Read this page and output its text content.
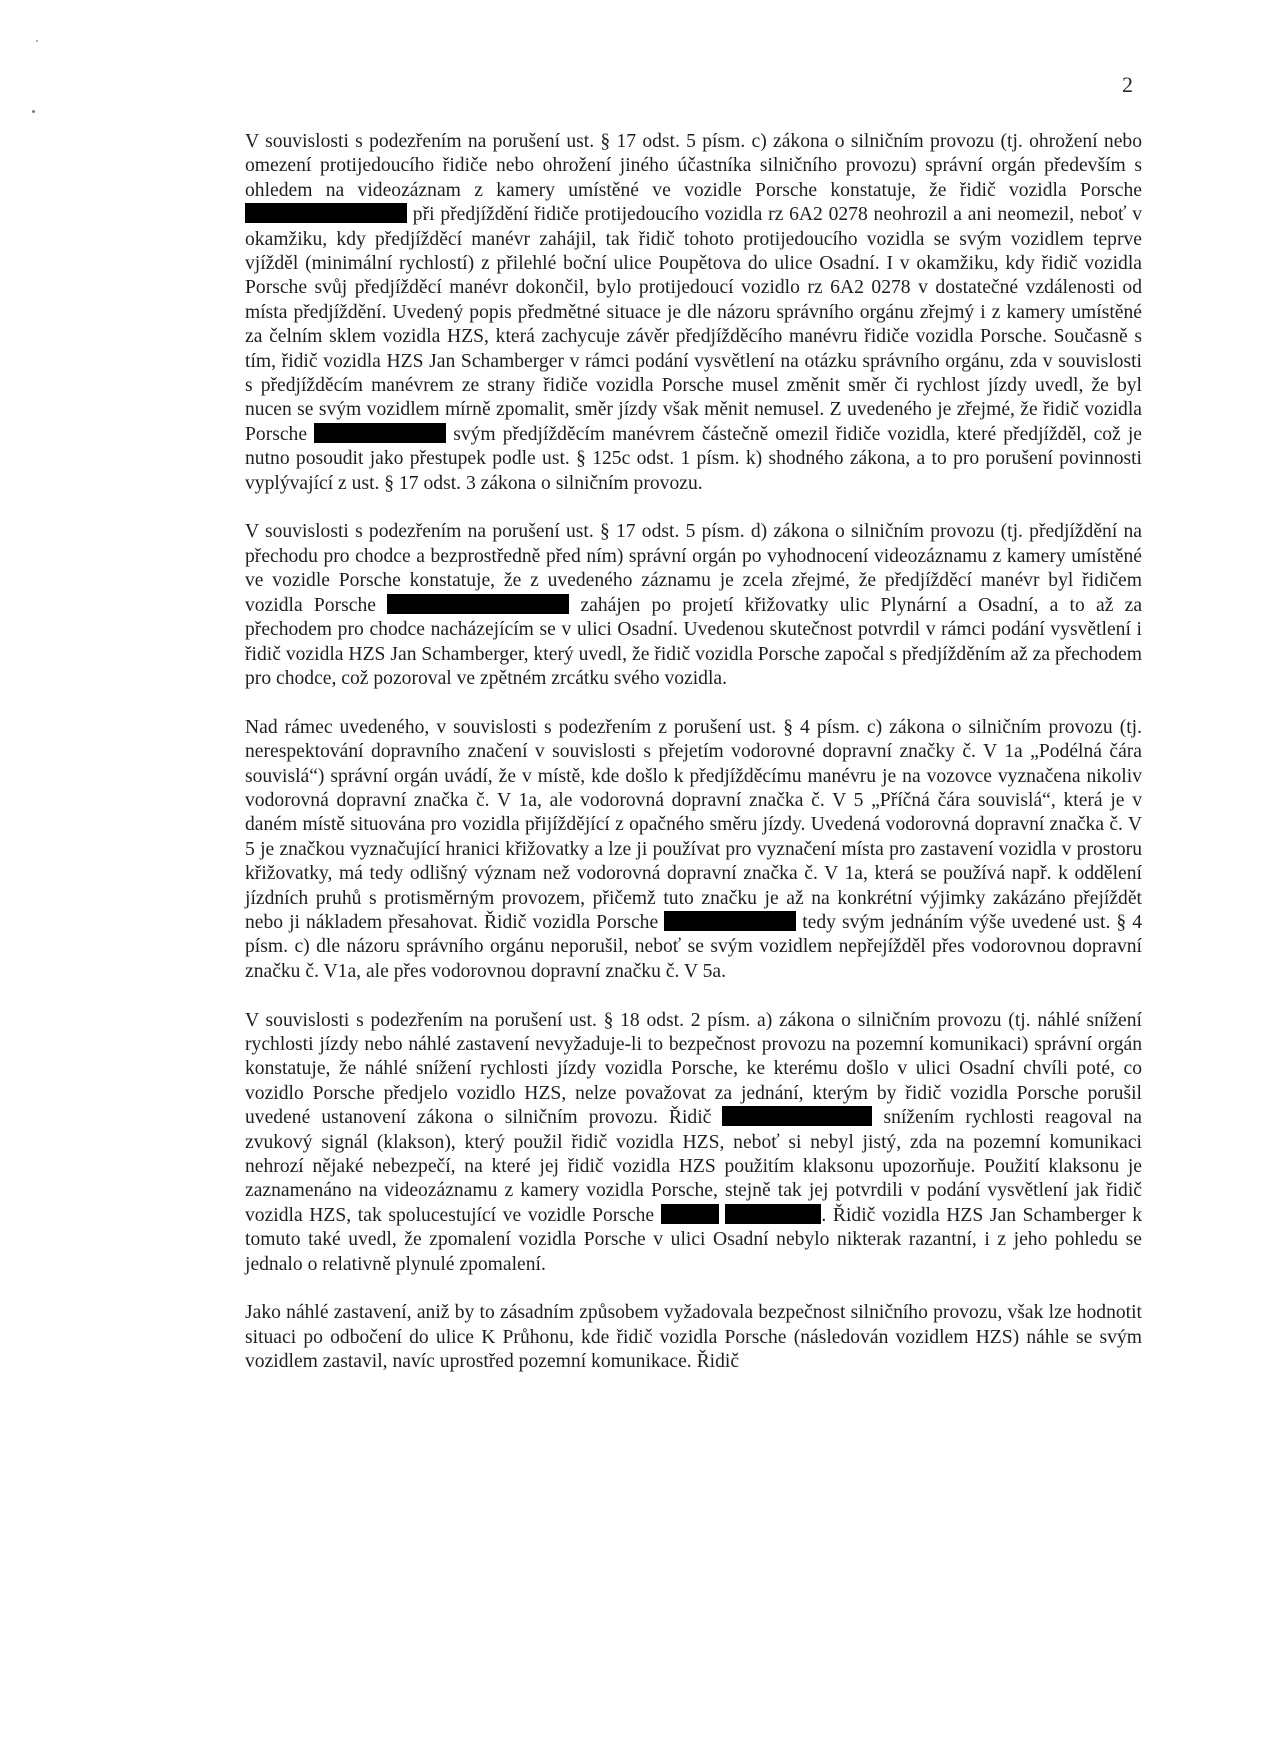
2

V souvislosti s podezřením na porušení ust. § 17 odst. 5 písm. c) zákona o silničním provozu (tj. ohrožení nebo omezení protijedoucího řidiče nebo ohrožení jiného účastníka silničního provozu) správní orgán především s ohledem na videozáznam z kamery umístěné ve vozidle Porsche konstatuje, že řidič vozidla Porsche  při předjíždění řidiče protijedoucího vozidla rz 6A2 0278 neohrozil a ani neomezil, neboť v okamžiku, kdy předjížděcí manévr zahájil, tak řidič tohoto protijedoucího vozidla se svým vozidlem teprve vjížděl (minimální rychlostí) z přilehlé boční ulice Poupětova do ulice Osadní. I v okamžiku, kdy řidič vozidla Porsche svůj předjížděcí manévr dokončil, bylo protijedoucí vozidlo rz 6A2 0278 v dostatečné vzdálenosti od místa předjíždění. Uvedený popis předmětné situace je dle názoru správního orgánu zřejmý i z kamery umístěné za čelním sklem vozidla HZS, která zachycuje závěr předjížděcího manévru řidiče vozidla Porsche. Současně s tím, řidič vozidla HZS Jan Schamberger v rámci podání vysvětlení na otázku správního orgánu, zda v souvislosti s předjížděcím manévrem ze strany řidiče vozidla Porsche musel změnit směr či rychlost jízdy uvedl, že byl nucen se svým vozidlem mírně zpomalit, směr jízdy však měnit nemusel. Z uvedeného je zřejmé, že řidič vozidla Porsche	svým předjížděcím manévrem částečně omezil řidiče vozidla, které předjížděl, což je nutno posoudit jako přestupek podle ust. § 125c odst. 1 písm. k) shodného zákona, a to pro porušení povinnosti vyplývající z ust. § 17 odst. 3 zákona o silničním provozu.

V souvislosti s podezřením na porušení ust. § 17 odst. 5 písm. d) zákona o silničním provozu (tj. předjíždění na přechodu pro chodce a bezprostředně před ním) správní orgán po vyhodnocení videozáznamu z kamery umístěné ve vozidle Porsche konstatuje, že z uvedeného záznamu je zcela zřejmé, že předjížděcí manévr byl řidičem vozidla Porsche	zahájen po projetí křižovatky ulic Plynární a Osadní, a to až za přechodem pro chodce nacházejícím se v ulici Osadní. Uvedenou skutečnost potvrdil v rámci podání vysvětlení i řidič vozidla HZS Jan Schamberger, který uvedl, že řidič vozidla Porsche započal s předjížděním až za přechodem pro chodce, což pozoroval ve zpětném zrcátku svého vozidla.

Nad rámec uvedeného, v souvislosti s podezřením z porušení ust. § 4 písm. c) zákona o silničním provozu (tj. nerespektování dopravního značení v souvislosti s přejetím vodorovné dopravní značky č. V 1a „Podélná čára souvislá“) správní orgán uvádí, že v místě, kde došlo k předjížděcímu manévru je na vozovce vyznačena nikoliv vodorovná dopravní značka č. V 1a, ale vodorovná dopravní značka č. V 5 „Příčná čára souvislá“, která je v daném místě situována pro vozidla přijíždějící z opačného směru jízdy. Uvedená vodorovná dopravní značka č. V 5 je značkou vyznačující hranici křižovatky a lze ji používat pro vyznačení místa pro zastavení vozidla v prostoru křižovatky, má tedy odlišný význam než vodorovná dopravní značka č. V 1a, která se používá např. k oddělení jízdních pruhů s protisměrným provozem, přičemž tuto značku je až na konkrétní výjimky zakázáno přejíždět nebo ji nákladem přesahovat. Řidič vozidla Porsche	tedy svým jednáním výše uvedené ust. § 4 písm. c) dle názoru správního orgánu neporušil, neboť se svým vozidlem nepřejížděl přes vodorovnou dopravní značku č. V1a, ale přes vodorovnou dopravní značku č. V 5a.

V souvislosti s podezřením na porušení ust. § 18 odst. 2 písm. a) zákona o silničním provozu (tj. náhlé snížení rychlosti jízdy nebo náhlé zastavení nevyžaduje-li to bezpečnost provozu na pozemní komunikaci) správní orgán konstatuje, že náhlé snížení rychlosti jízdy vozidla Porsche, ke kterému došlo v ulici Osadní chvíli poté, co vozidlo Porsche předjelo vozidlo HZS, nelze považovat za jednání, kterým by řidič vozidla Porsche porušil uvedené ustanovení zákona o silničním provozu. Řidič	snížením rychlosti reagoval na zvukový signál (klakson), který použil řidič vozidla HZS, neboť si nebyl jistý, zda na pozemní komunikaci nehrozí nějaké nebezpečí, na které jej řidič vozidla HZS použitím klaksonu upozorňuje. Použití klaksonu je zaznamenáno na videozáznamu z kamery vozidla Porsche, stejně tak jej potvrdili v podání vysvětlení jak řidič vozidla HZS, tak spolucestující ve vozidle Porsche	. Řidič vozidla HZS Jan Schamberger k tomuto také uvedl, že zpomalení vozidla Porsche v ulici Osadní nebylo nikterak razantní, i z jeho pohledu se jednalo o relativně plynulé zpomalení.

Jako náhlé zastavení, aniž by to zásadním způsobem vyžadovala bezpečnost silničního provozu, však lze hodnotit situaci po odbočení do ulice K Průhonu, kde řidič vozidla Porsche (následován vozidlem HZS) náhle se svým vozidlem zastavil, navíc uprostřed pozemní komunikace. Řidič
